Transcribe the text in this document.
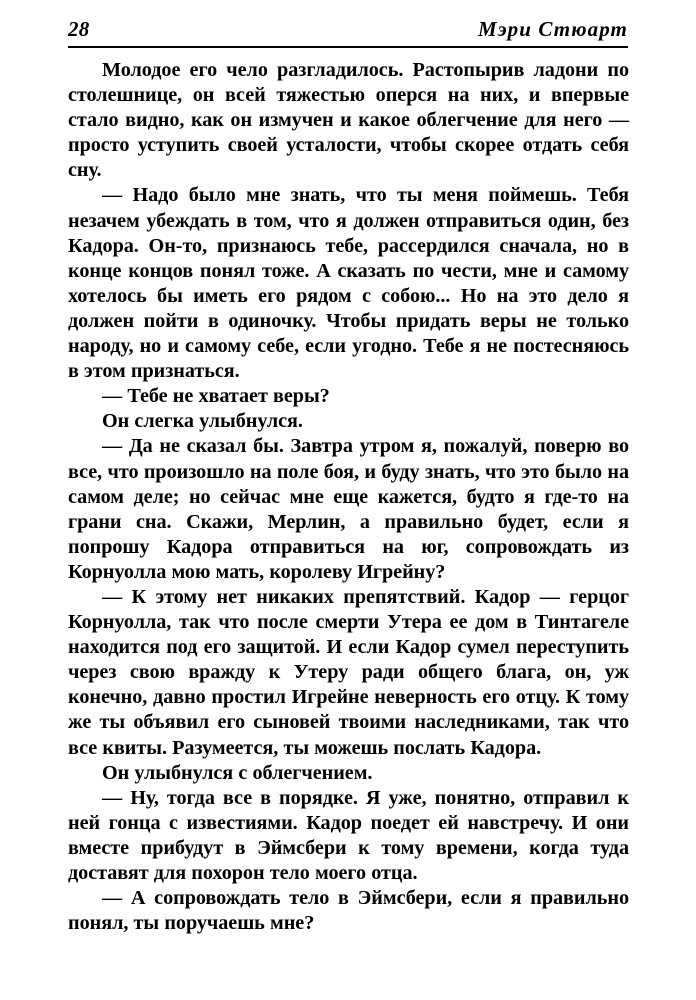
28	Мэри Стюарт

Молодое его чело разгладилось. Растопырив ладони по столешнице, он всей тяжестью оперся на них, и впервые стало видно, как он измучен и какое облегчение для него — просто уступить своей усталости, чтобы скорее отдать себя сну.

— Надо было мне знать, что ты меня поймешь. Тебя незачем убеждать в том, что я должен отправиться один, без Кадора. Он-то, признаюсь тебе, рассердился сначала, но в конце концов понял тоже. А сказать по чести, мне и самому хотелось бы иметь его рядом с собою... Но на это дело я должен пойти в одиночку. Чтобы придать веры не только народу, но и самому себе, если угодно. Тебе я не постесняюсь в этом признаться.

— Тебе не хватает веры?

Он слегка улыбнулся.

— Да не сказал бы. Завтра утром я, пожалуй, поверю во все, что произошло на поле боя, и буду знать, что это было на самом деле; но сейчас мне еще кажется, будто я где-то на грани сна. Скажи, Мерлин, а правильно будет, если я попрошу Кадора отправиться на юг, сопровождать из Корнуолла мою мать, королеву Игрейну?

— К этому нет никаких препятствий. Кадор — герцог Корнуолла, так что после смерти Утера ее дом в Тинтагеле находится под его защитой. И если Кадор сумел переступить через свою вражду к Утеру ради общего блага, он, уж конечно, давно простил Игрейне неверность его отцу. К тому же ты объявил его сыновей твоими наследниками, так что все квиты. Разумеется, ты можешь послать Кадора.

Он улыбнулся с облегчением.

— Ну, тогда все в порядке. Я уже, понятно, отправил к ней гонца с известиями. Кадор поедет ей навстречу. И они вместе прибудут в Эймсбери к тому времени, когда туда доставят для похорон тело моего отца.

— А сопровождать тело в Эймсбери, если я правильно понял, ты поручаешь мне?
